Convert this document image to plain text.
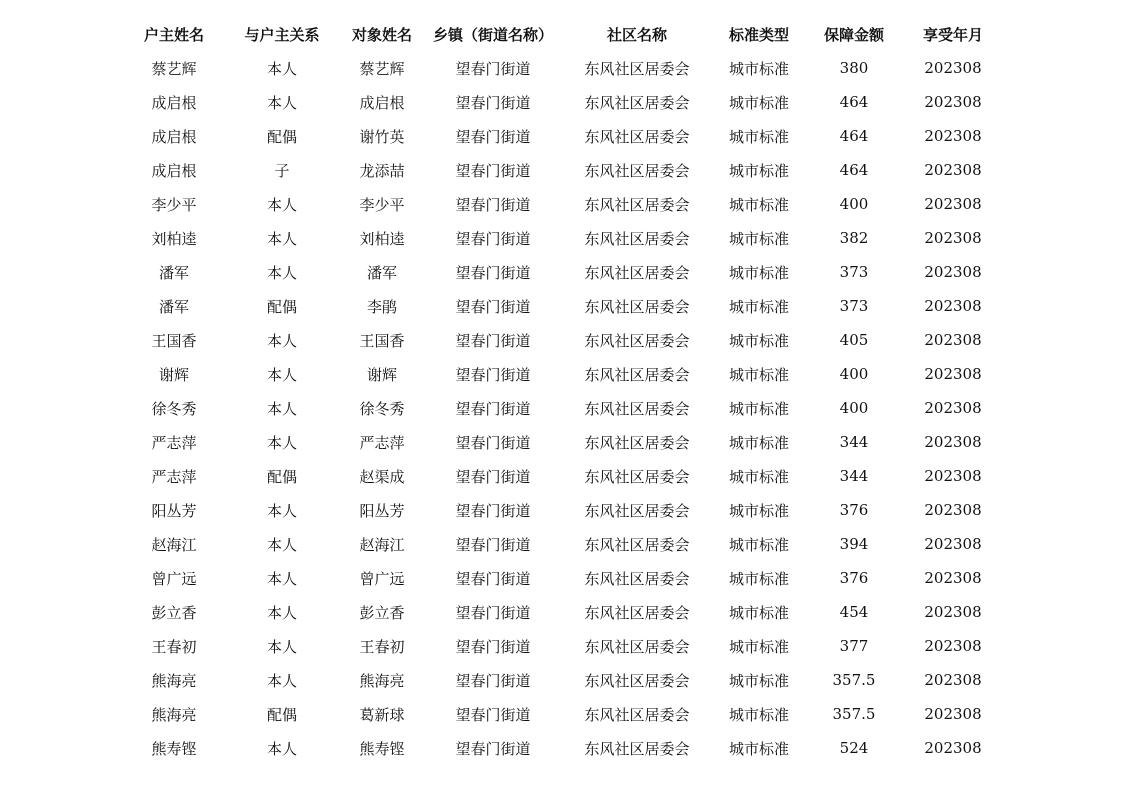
户主姓名	与户主关系	对象姓名	乡镇（街道名称）	社区名称	标准类型	保障金额	享受年月
蔡艺辉	本人	蔡艺辉	望春门街道	东风社区居委会	城市标准	380	202308
成启根	本人	成启根	望春门街道	东风社区居委会	城市标准	464	202308
成启根	配偶	谢竹英	望春门街道	东风社区居委会	城市标准	464	202308
成启根	子	龙添喆	望春门街道	东风社区居委会	城市标准	464	202308
李少平	本人	李少平	望春门街道	东风社区居委会	城市标准	400	202308
刘柏逵	本人	刘柏逵	望春门街道	东风社区居委会	城市标准	382	202308
潘军	本人	潘军	望春门街道	东风社区居委会	城市标准	373	202308
潘军	配偶	李鹃	望春门街道	东风社区居委会	城市标准	373	202308
王国香	本人	王国香	望春门街道	东风社区居委会	城市标准	405	202308
谢辉	本人	谢辉	望春门街道	东风社区居委会	城市标准	400	202308
徐冬秀	本人	徐冬秀	望春门街道	东风社区居委会	城市标准	400	202308
严志萍	本人	严志萍	望春门街道	东风社区居委会	城市标准	344	202308
严志萍	配偶	赵渠成	望春门街道	东风社区居委会	城市标准	344	202308
阳丛芳	本人	阳丛芳	望春门街道	东风社区居委会	城市标准	376	202308
赵海江	本人	赵海江	望春门街道	东风社区居委会	城市标准	394	202308
曾广远	本人	曾广远	望春门街道	东风社区居委会	城市标准	376	202308
彭立香	本人	彭立香	望春门街道	东风社区居委会	城市标准	454	202308
王春初	本人	王春初	望春门街道	东风社区居委会	城市标准	377	202308
熊海亮	本人	熊海亮	望春门街道	东风社区居委会	城市标准	357.5	202308
熊海亮	配偶	葛新球	望春门街道	东风社区居委会	城市标准	357.5	202308
熊寿铿	本人	熊寿铿	望春门街道	东风社区居委会	城市标准	524	202308
